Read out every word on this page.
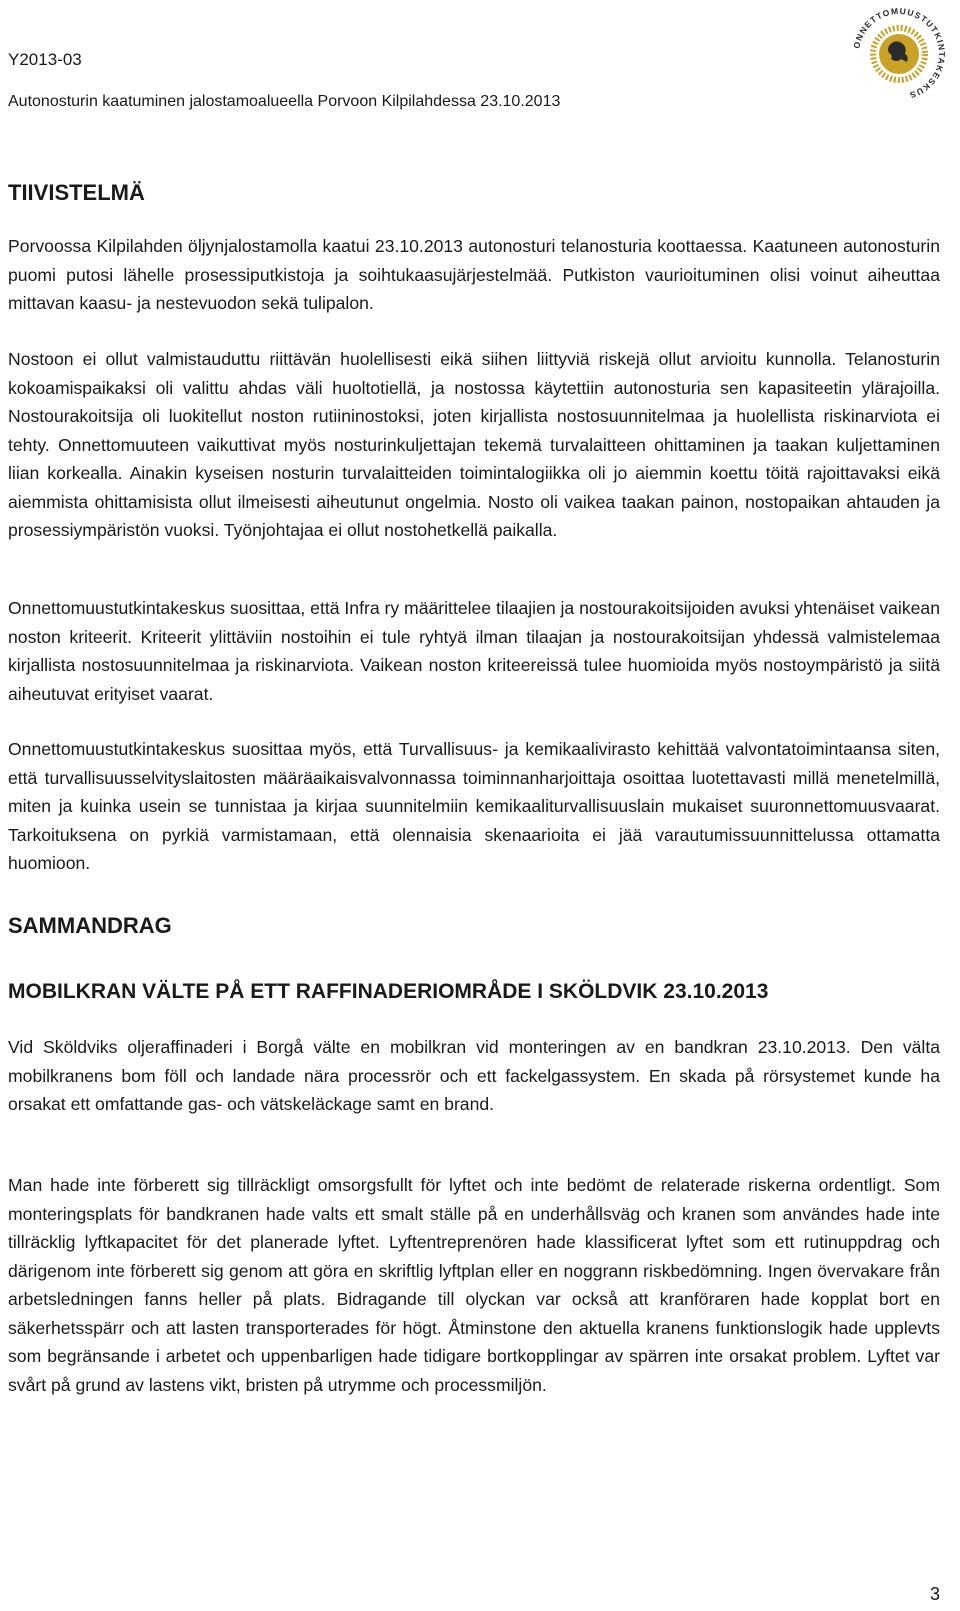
Y2013-03
Autonosturin kaatuminen jalostamoalueella Porvoon Kilpilahdessa 23.10.2013
ONNETTOMUUSTUTKINTAKESKUS
TIIVISTELMÄ

Porvoossa Kilpilahden öljynjalostamolla kaatui 23.10.2013 autonosturi telanosturia koottaessa. Kaatuneen autonosturin puomi putosi lähelle prosessiputkistoja ja soihtukaasujärjestelmää. Putkiston vaurioituminen olisi voinut aiheuttaa mittavan kaasu- ja nestevuodon sekä tulipalon.

Nostoon ei ollut valmistauduttu riittävän huolellisesti eikä siihen liittyviä riskejä ollut arvioitu kunnolla. Telanosturin kokoamispaikaksi oli valittu ahdas väli huoltotiellä, ja nostossa käytettiin autonosturia sen kapasiteetin ylärajoilla. Nostourakoitsija oli luokitellut noston rutiininostoksi, joten kirjallista nostosuunnitelmaa ja huolellista riskinarviota ei tehty. Onnettomuuteen vaikuttivat myös nosturinkuljettajan tekemä turvalaitteen ohittaminen ja taakan kuljettaminen liian korkealla. Ainakin kyseisen nosturin turvalaitteiden toimintalogiikka oli jo aiemmin koettu töitä rajoittavaksi eikä aiemmista ohittamisista ollut ilmeisesti aiheutunut ongelmia. Nosto oli vaikea taakan painon, nostopaikan ahtauden ja prosessiympäristön vuoksi. Työnjohtajaa ei ollut nostohetkellä paikalla.

Onnettomuustutkintakeskus suosittaa, että Infra ry määrittelee tilaajien ja nostourakoitsijoiden avuksi yhtenäiset vaikean noston kriteerit. Kriteerit ylittäviin nostoihin ei tule ryhtyä ilman tilaajan ja nostourakoitsijan yhdessä valmistelemaa kirjallista nostosuunnitelmaa ja riskinarviota. Vaikean noston kriteereissä tulee huomioida myös nostoympäristö ja siitä aiheutuvat erityiset vaarat.

Onnettomuustutkintakeskus suosittaa myös, että Turvallisuus- ja kemikaalivirasto kehittää valvontatoimintaansa siten, että turvallisuusselvityslaitosten määräaikaisvalvonnassa toiminnanharjoittaja osoittaa luotettavasti millä menetelmillä, miten ja kuinka usein se tunnistaa ja kirjaa suunnitelmiin kemikaaliturvallisuuslain mukaiset suuronnettomuusvaarat. Tarkoituksena on pyrkiä varmistamaan, että olennaisia skenaarioita ei jää varautumissuunnittelussa ottamatta huomioon.

SAMMANDRAG
MOBILKRAN VÄLTE PÅ ETT RAFFINADERIOMRÅDE I SKÖLDVIK 23.10.2013

Vid Sköldviks oljeraffinaderi i Borgå välte en mobilkran vid monteringen av en bandkran 23.10.2013. Den välta mobilkranens bom föll och landade nära processrör och ett fackelgassystem. En skada på rörsystemet kunde ha orsakat ett omfattande gas- och vätskeläckage samt en brand.

Man hade inte förberett sig tillräckligt omsorgsfullt för lyftet och inte bedömt de relaterade riskerna ordentligt. Som monteringsplats för bandkranen hade valts ett smalt ställe på en underhållsväg och kranen som användes hade inte tillräcklig lyftkapacitet för det planerade lyftet. Lyftentreprenören hade klassificerat lyftet som ett rutinuppdrag och därigenom inte förberett sig genom att göra en skriftlig lyftplan eller en noggrann riskbedömning. Ingen övervakare från arbetsledningen fanns heller på plats. Bidragande till olyckan var också att kranföraren hade kopplat bort en säkerhetsspärr och att lasten transporterades för högt. Åtminstone den aktuella kranens funktionslogik hade upplevts som begränsande i arbetet och uppenbarligen hade tidigare bortkopplingar av spärren inte orsakat problem. Lyftet var svårt på grund av lastens vikt, bristen på utrymme och processmiljön.

3
